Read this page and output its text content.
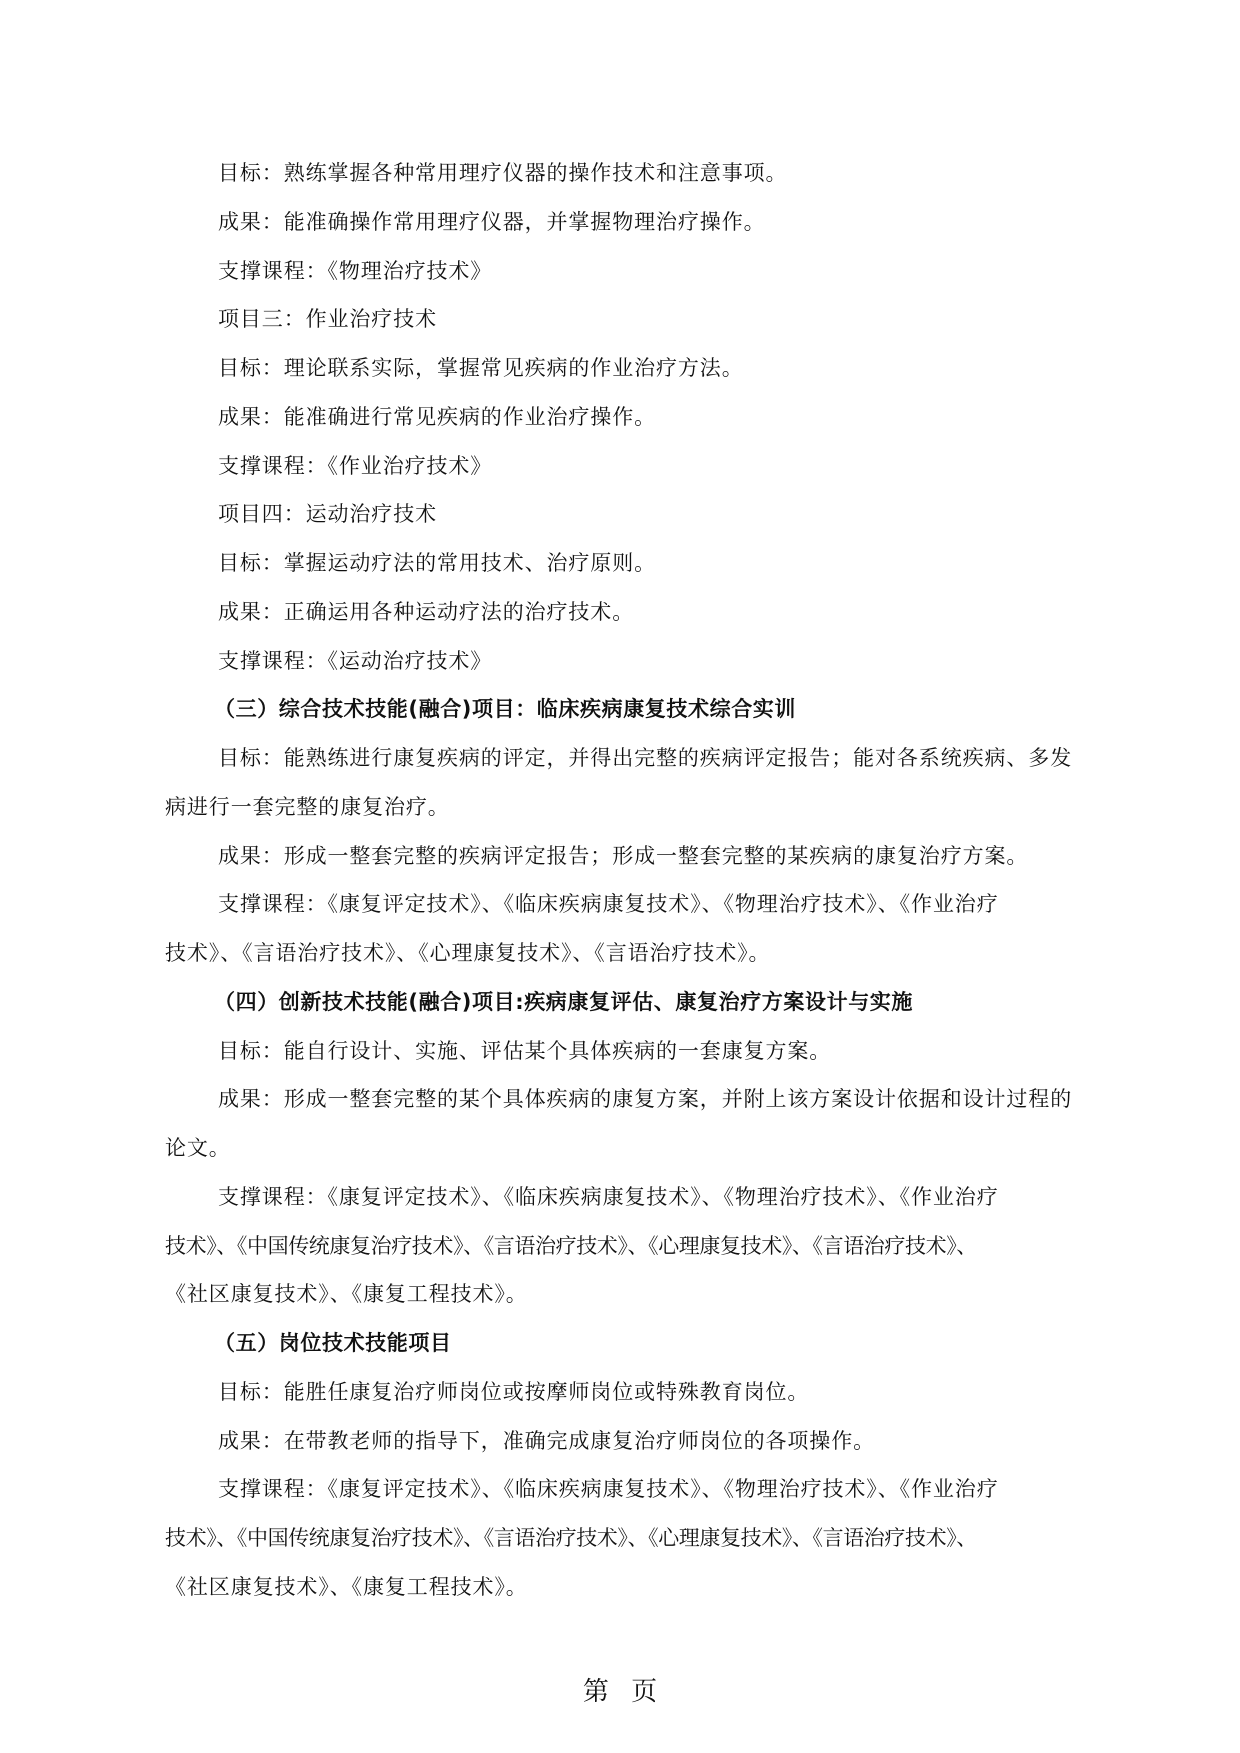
目标：熟练掌握各种常用理疗仪器的操作技术和注意事项。
成果：能准确操作常用理疗仪器，并掌握物理治疗操作。
支撑课程：《物理治疗技术》
项目三：作业治疗技术
目标：理论联系实际，掌握常见疾病的作业治疗方法。
成果：能准确进行常见疾病的作业治疗操作。
支撑课程：《作业治疗技术》
项目四：运动治疗技术
目标：掌握运动疗法的常用技术、治疗原则。
成果：正确运用各种运动疗法的治疗技术。
支撑课程：《运动治疗技术》
（三）综合技术技能(融合)项目：临床疾病康复技术综合实训
目标：能熟练进行康复疾病的评定，并得出完整的疾病评定报告；能对各系统疾病、多发
病进行一套完整的康复治疗。
成果：形成一整套完整的疾病评定报告；形成一整套完整的某疾病的康复治疗方案。
支撑课程：《康复评定技术》、《临床疾病康复技术》、《物理治疗技术》、《作业治疗
技术》、《言语治疗技术》、《心理康复技术》、《言语治疗技术》。
（四）创新技术技能(融合)项目:疾病康复评估、康复治疗方案设计与实施
目标：能自行设计、实施、评估某个具体疾病的一套康复方案。
成果：形成一整套完整的某个具体疾病的康复方案，并附上该方案设计依据和设计过程的
论文。
支撑课程：《康复评定技术》、《临床疾病康复技术》、《物理治疗技术》、《作业治疗
技术》、《中国传统康复治疗技术》、《言语治疗技术》、《心理康复技术》、《言语治疗技术》、
《社区康复技术》、《康复工程技术》。
（五）岗位技术技能项目
目标：能胜任康复治疗师岗位或按摩师岗位或特殊教育岗位。
成果：在带教老师的指导下，准确完成康复治疗师岗位的各项操作。
支撑课程：《康复评定技术》、《临床疾病康复技术》、《物理治疗技术》、《作业治疗
技术》、《中国传统康复治疗技术》、《言语治疗技术》、《心理康复技术》、《言语治疗技术》、
《社区康复技术》、《康复工程技术》。
第 页
